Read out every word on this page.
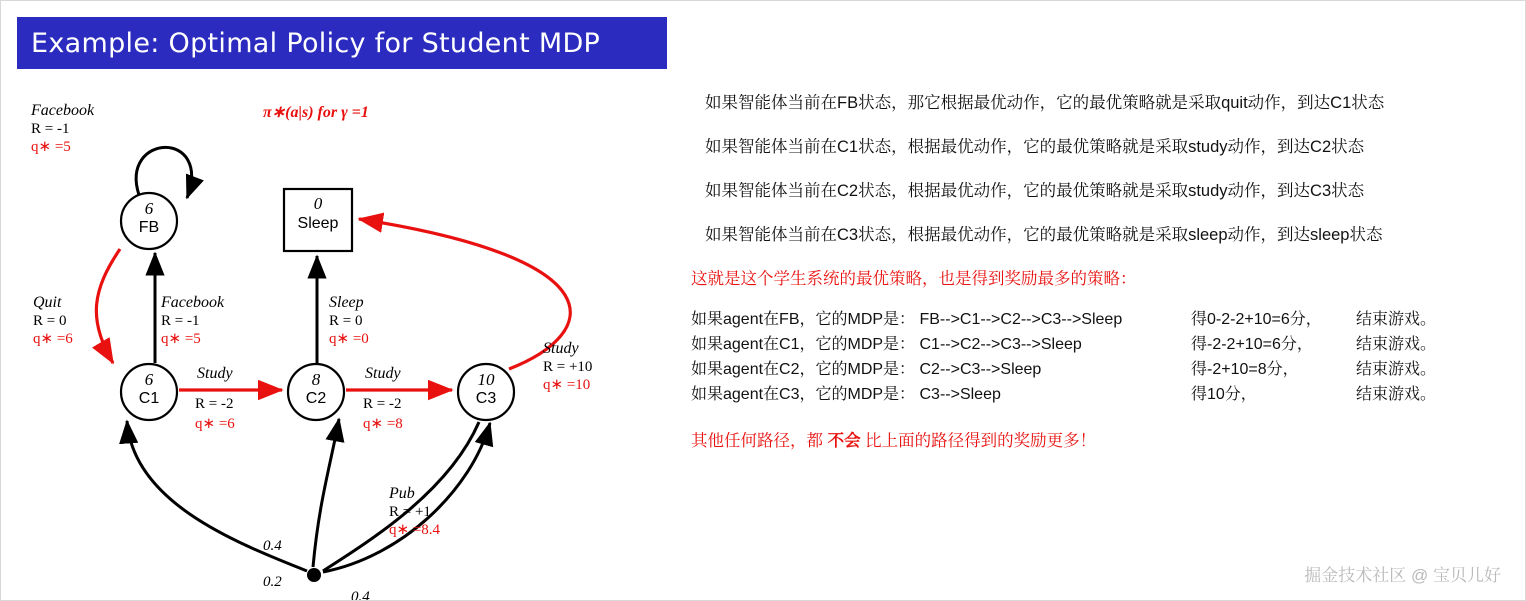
Example: Optimal Policy for Student MDP
6
FB
0
Sleep
6
C1
8
C2
10
C3
π∗(a|s) for γ =1
Facebook
R = -1
q∗ =5
Quit
R = 0
q∗ =6
Facebook
R = -1
q∗ =5
Sleep
R = 0
q∗ =0
Study
R = -2
q∗ =6
Study
R = -2
q∗ =8
Study
R = +10
q∗ =10
Pub
R = +1
q∗ =8.4
0.4
0.2
0.4
如果智能体当前在FB状态，那它根据最优动作，它的最优策略就是采取quit动作，到达C1状态
如果智能体当前在C1状态，根据最优动作，它的最优策略就是采取study动作，到达C2状态
如果智能体当前在C2状态，根据最优动作，它的最优策略就是采取study动作，到达C3状态
如果智能体当前在C3状态，根据最优动作，它的最优策略就是采取sleep动作，到达sleep状态
这就是这个学生系统的最优策略，也是得到奖励最多的策略：
如果agent在FB，它的MDP是： FB-->C1-->C2-->C3-->Sleep	得0-2-2+10=6分，	结束游戏。
如果agent在C1，它的MDP是： C1-->C2-->C3-->Sleep	得-2-2+10=6分，	结束游戏。
如果agent在C2，它的MDP是： C2-->C3-->Sleep	得-2+10=8分，	结束游戏。
如果agent在C3，它的MDP是： C3-->Sleep	得10分，	结束游戏。
其他任何路径，都 不会 比上面的路径得到的奖励更多！
掘金技术社区 @ 宝贝儿好
